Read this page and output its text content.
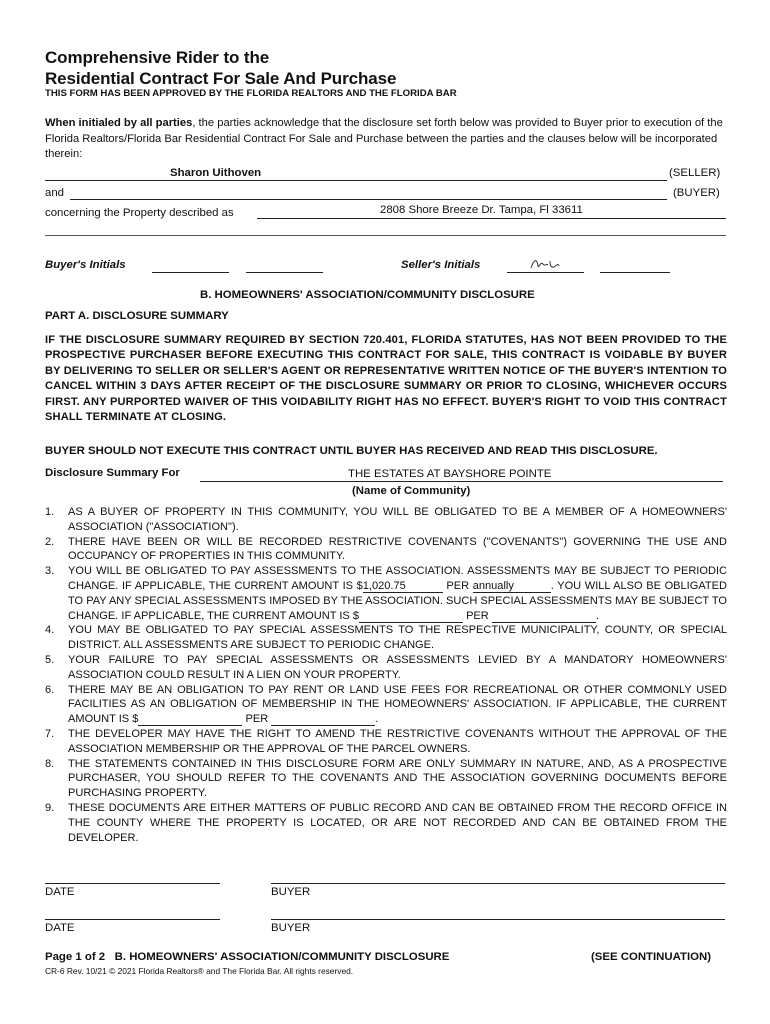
Comprehensive Rider to the
Residential Contract For Sale And Purchase
THIS FORM HAS BEEN APPROVED BY THE FLORIDA REALTORS AND THE FLORIDA BAR
When initialed by all parties, the parties acknowledge that the disclosure set forth below was provided to Buyer prior to execution of the Florida Realtors/Florida Bar Residential Contract For Sale and Purchase between the parties and the clauses below will be incorporated therein:
Sharon Uithoven	(SELLER)
and	(BUYER)
concerning the Property described as	2808 Shore Breeze Dr. Tampa, Fl 33611
Buyer's Initials	Seller's Initials
B. HOMEOWNERS' ASSOCIATION/COMMUNITY DISCLOSURE
PART A. DISCLOSURE SUMMARY
IF THE DISCLOSURE SUMMARY REQUIRED BY SECTION 720.401, FLORIDA STATUTES, HAS NOT BEEN PROVIDED TO THE PROSPECTIVE PURCHASER BEFORE EXECUTING THIS CONTRACT FOR SALE, THIS CONTRACT IS VOIDABLE BY BUYER BY DELIVERING TO SELLER OR SELLER'S AGENT OR REPRESENTATIVE WRITTEN NOTICE OF THE BUYER'S INTENTION TO CANCEL WITHIN 3 DAYS AFTER RECEIPT OF THE DISCLOSURE SUMMARY OR PRIOR TO CLOSING, WHICHEVER OCCURS FIRST. ANY PURPORTED WAIVER OF THIS VOIDABILITY RIGHT HAS NO EFFECT. BUYER'S RIGHT TO VOID THIS CONTRACT SHALL TERMINATE AT CLOSING.
BUYER SHOULD NOT EXECUTE THIS CONTRACT UNTIL BUYER HAS RECEIVED AND READ THIS DISCLOSURE.
Disclosure Summary For	THE ESTATES AT BAYSHORE POINTE
(Name of Community)
1.	AS A BUYER OF PROPERTY IN THIS COMMUNITY, YOU WILL BE OBLIGATED TO BE A MEMBER OF A HOMEOWNERS' ASSOCIATION ("ASSOCIATION").
2.	THERE HAVE BEEN OR WILL BE RECORDED RESTRICTIVE COVENANTS ("COVENANTS") GOVERNING THE USE AND OCCUPANCY OF PROPERTIES IN THIS COMMUNITY.
3.	YOU WILL BE OBLIGATED TO PAY ASSESSMENTS TO THE ASSOCIATION. ASSESSMENTS MAY BE SUBJECT TO PERIODIC CHANGE. IF APPLICABLE, THE CURRENT AMOUNT IS $1,020.75	PER annually	. YOU WILL ALSO BE OBLIGATED TO PAY ANY SPECIAL ASSESSMENTS IMPOSED BY THE ASSOCIATION. SUCH SPECIAL ASSESSMENTS MAY BE SUBJECT TO CHANGE. IF APPLICABLE, THE CURRENT AMOUNT IS $	PER	.
4.	YOU MAY BE OBLIGATED TO PAY SPECIAL ASSESSMENTS TO THE RESPECTIVE MUNICIPALITY, COUNTY, OR SPECIAL DISTRICT. ALL ASSESSMENTS ARE SUBJECT TO PERIODIC CHANGE.
5.	YOUR FAILURE TO PAY SPECIAL ASSESSMENTS OR ASSESSMENTS LEVIED BY A MANDATORY HOMEOWNERS' ASSOCIATION COULD RESULT IN A LIEN ON YOUR PROPERTY.
6.	THERE MAY BE AN OBLIGATION TO PAY RENT OR LAND USE FEES FOR RECREATIONAL OR OTHER COMMONLY USED FACILITIES AS AN OBLIGATION OF MEMBERSHIP IN THE HOMEOWNERS' ASSOCIATION. IF APPLICABLE, THE CURRENT AMOUNT IS $	PER	.
7.	THE DEVELOPER MAY HAVE THE RIGHT TO AMEND THE RESTRICTIVE COVENANTS WITHOUT THE APPROVAL OF THE ASSOCIATION MEMBERSHIP OR THE APPROVAL OF THE PARCEL OWNERS.
8.	THE STATEMENTS CONTAINED IN THIS DISCLOSURE FORM ARE ONLY SUMMARY IN NATURE, AND, AS A PROSPECTIVE PURCHASER, YOU SHOULD REFER TO THE COVENANTS AND THE ASSOCIATION GOVERNING DOCUMENTS BEFORE PURCHASING PROPERTY.
9.	THESE DOCUMENTS ARE EITHER MATTERS OF PUBLIC RECORD AND CAN BE OBTAINED FROM THE RECORD OFFICE IN THE COUNTY WHERE THE PROPERTY IS LOCATED, OR ARE NOT RECORDED AND CAN BE OBTAINED FROM THE DEVELOPER.
DATE	BUYER
DATE	BUYER
Page 1 of 2 B. HOMEOWNERS' ASSOCIATION/COMMUNITY DISCLOSURE	(SEE CONTINUATION)
CR-6 Rev. 10/21 © 2021 Florida Realtors® and The Florida Bar. All rights reserved.
